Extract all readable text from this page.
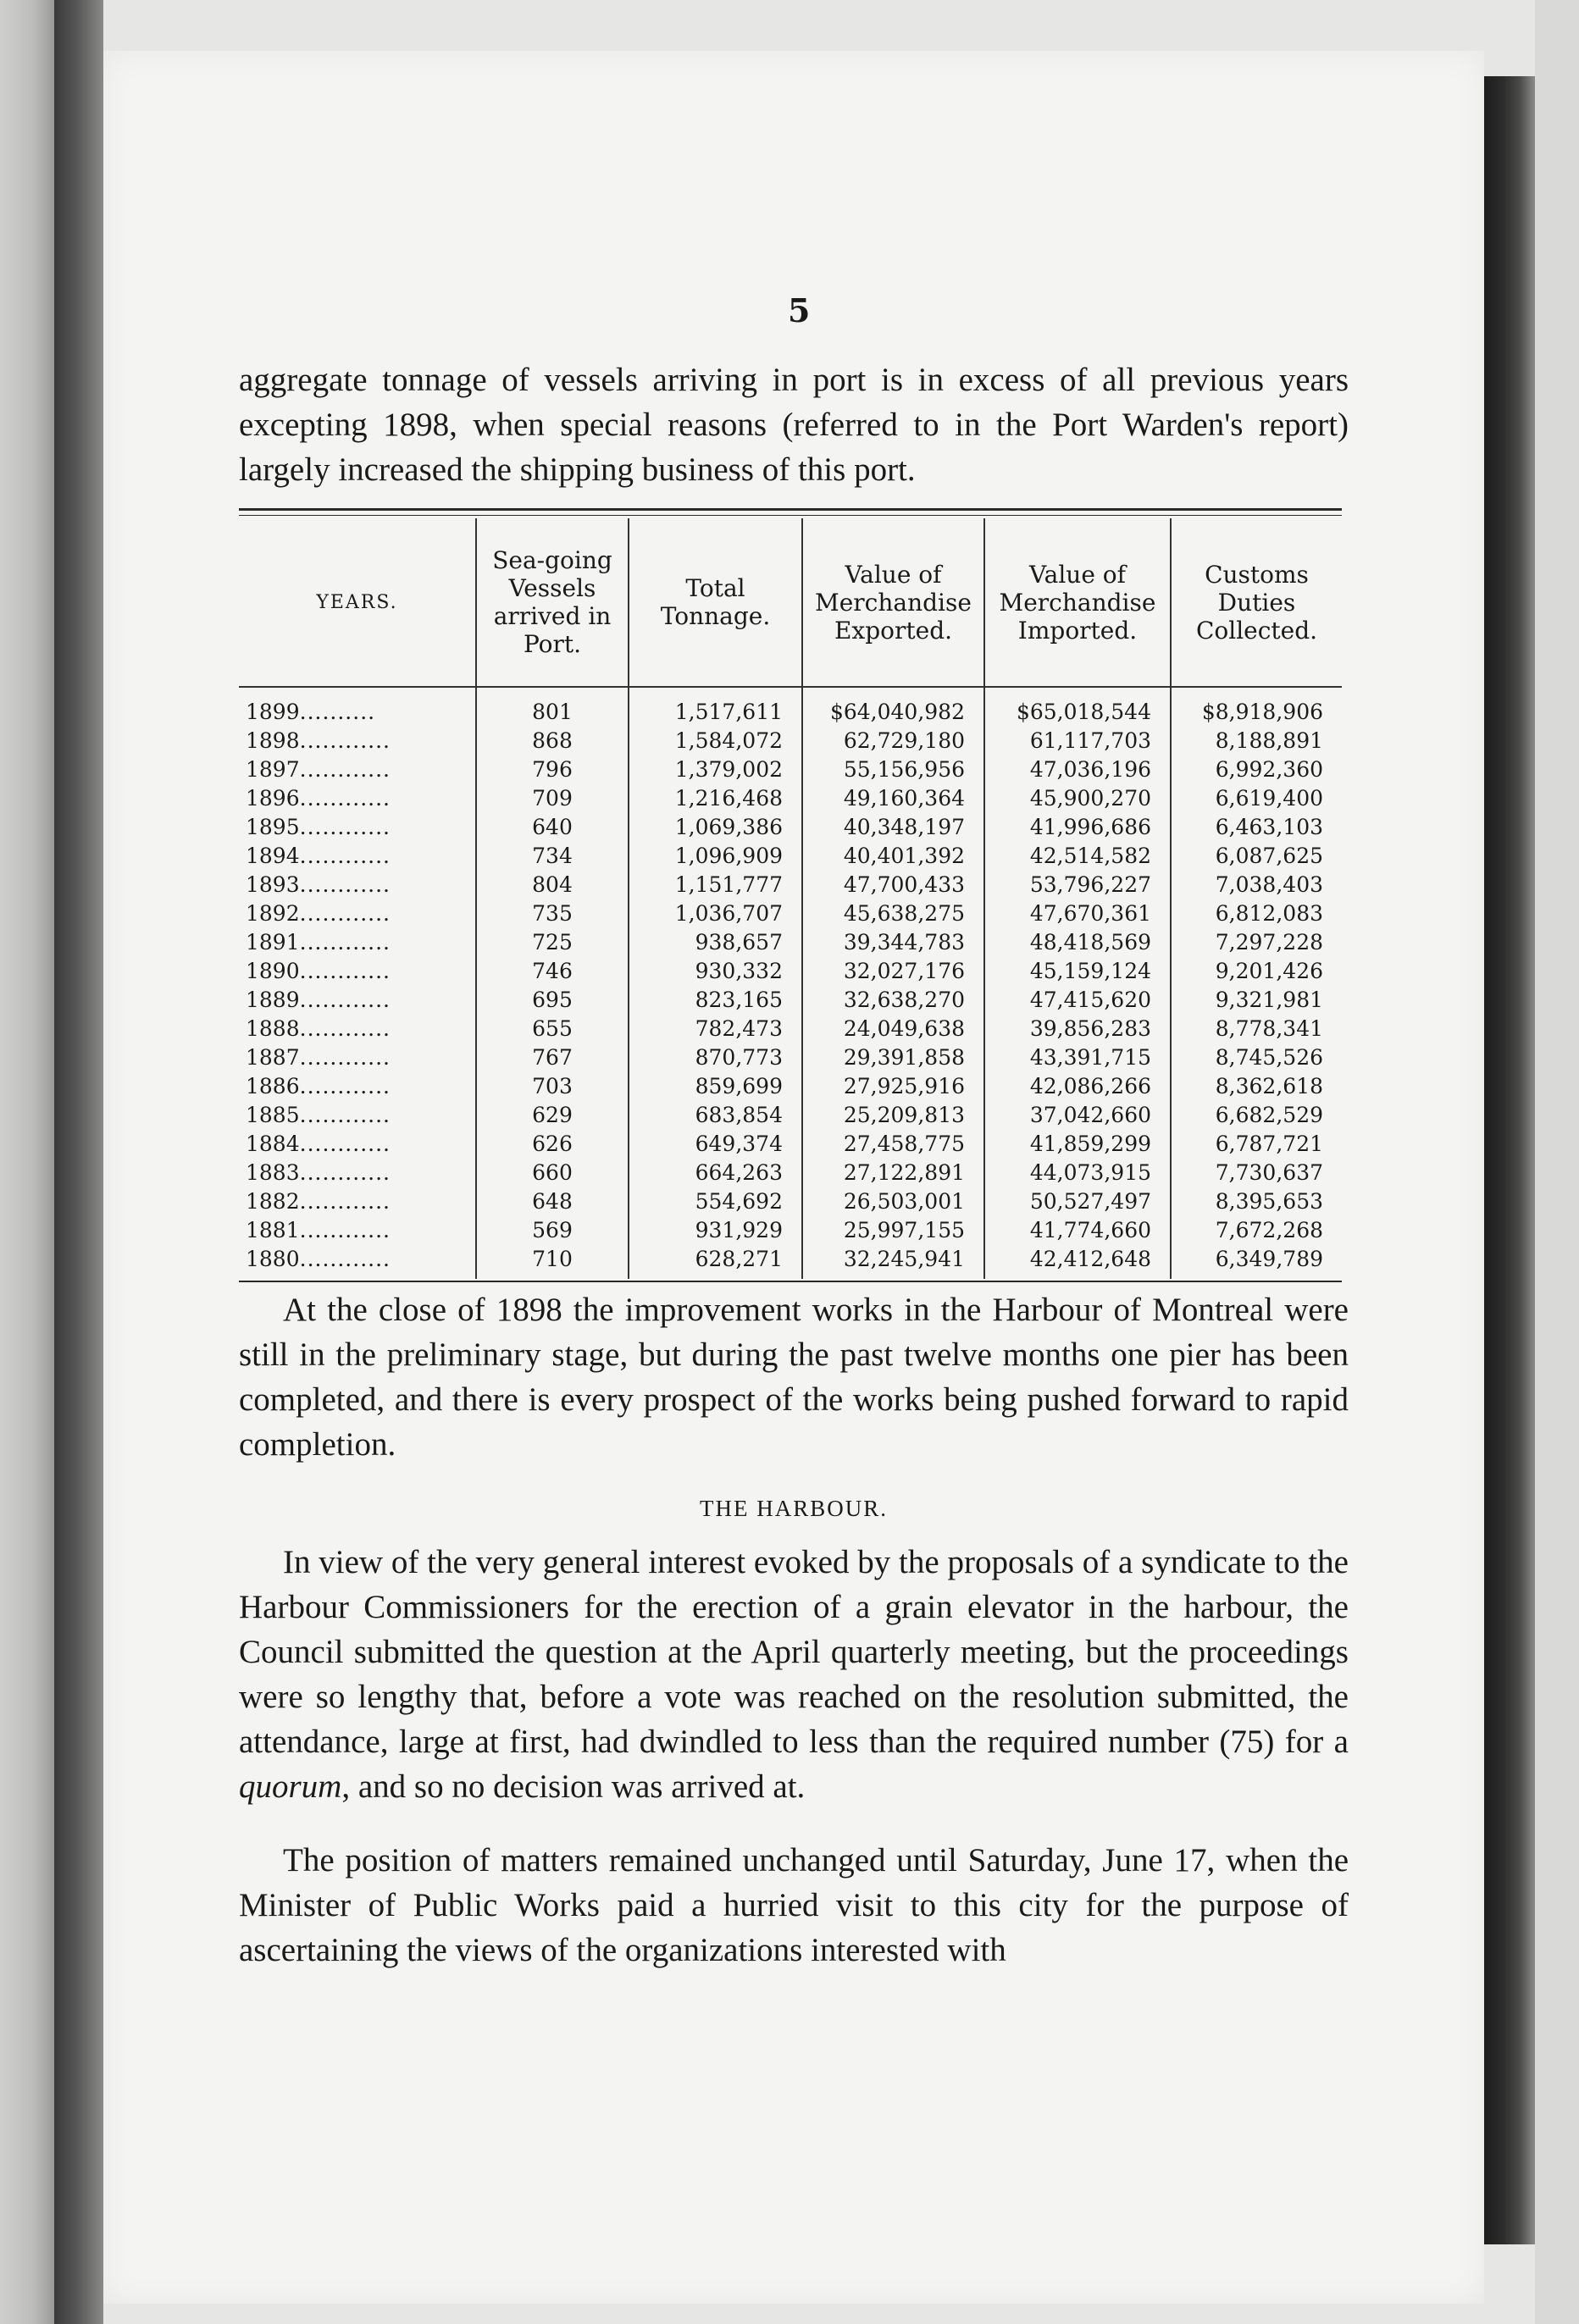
5

aggregate tonnage of vessels arriving in port is in excess of all previous years excepting 1898, when special reasons (referred to in the Port Warden's report) largely increased the shipping business of this port.

YEARS.	Sea-going Vessels arrived in Port.	Total Tonnage.	Value of Merchandise Exported.	Value of Merchandise Imported.	Customs Duties Collected.
1899..........	801	1,517,611	$64,040,982	$65,018,544	$8,918,906
1898............	868	1,584,072	62,729,180	61,117,703	8,188,891
1897............	796	1,379,002	55,156,956	47,036,196	6,992,360
1896............	709	1,216,468	49,160,364	45,900,270	6,619,400
1895............	640	1,069,386	40,348,197	41,996,686	6,463,103
1894............	734	1,096,909	40,401,392	42,514,582	6,087,625
1893............	804	1,151,777	47,700,433	53,796,227	7,038,403
1892............	735	1,036,707	45,638,275	47,670,361	6,812,083
1891............	725	938,657	39,344,783	48,418,569	7,297,228
1890............	746	930,332	32,027,176	45,159,124	9,201,426
1889............	695	823,165	32,638,270	47,415,620	9,321,981
1888............	655	782,473	24,049,638	39,856,283	8,778,341
1887............	767	870,773	29,391,858	43,391,715	8,745,526
1886............	703	859,699	27,925,916	42,086,266	8,362,618
1885............	629	683,854	25,209,813	37,042,660	6,682,529
1884............	626	649,374	27,458,775	41,859,299	6,787,721
1883............	660	664,263	27,122,891	44,073,915	7,730,637
1882............	648	554,692	26,503,001	50,527,497	8,395,653
1881............	569	931,929	25,997,155	41,774,660	7,672,268
1880............	710	628,271	32,245,941	42,412,648	6,349,789

At the close of 1898 the improvement works in the Harbour of Montreal were still in the preliminary stage, but during the past twelve months one pier has been completed, and there is every prospect of the works being pushed forward to rapid completion.

THE HARBOUR.

In view of the very general interest evoked by the proposals of a syndicate to the Harbour Commissioners for the erection of a grain elevator in the harbour, the Council submitted the question at the April quarterly meeting, but the proceedings were so lengthy that, before a vote was reached on the resolution submitted, the attendance, large at first, had dwindled to less than the required number (75) for a quorum, and so no decision was arrived at.

The position of matters remained unchanged until Saturday, June 17, when the Minister of Public Works paid a hurried visit to this city for the purpose of ascertaining the views of the organizations interested with
